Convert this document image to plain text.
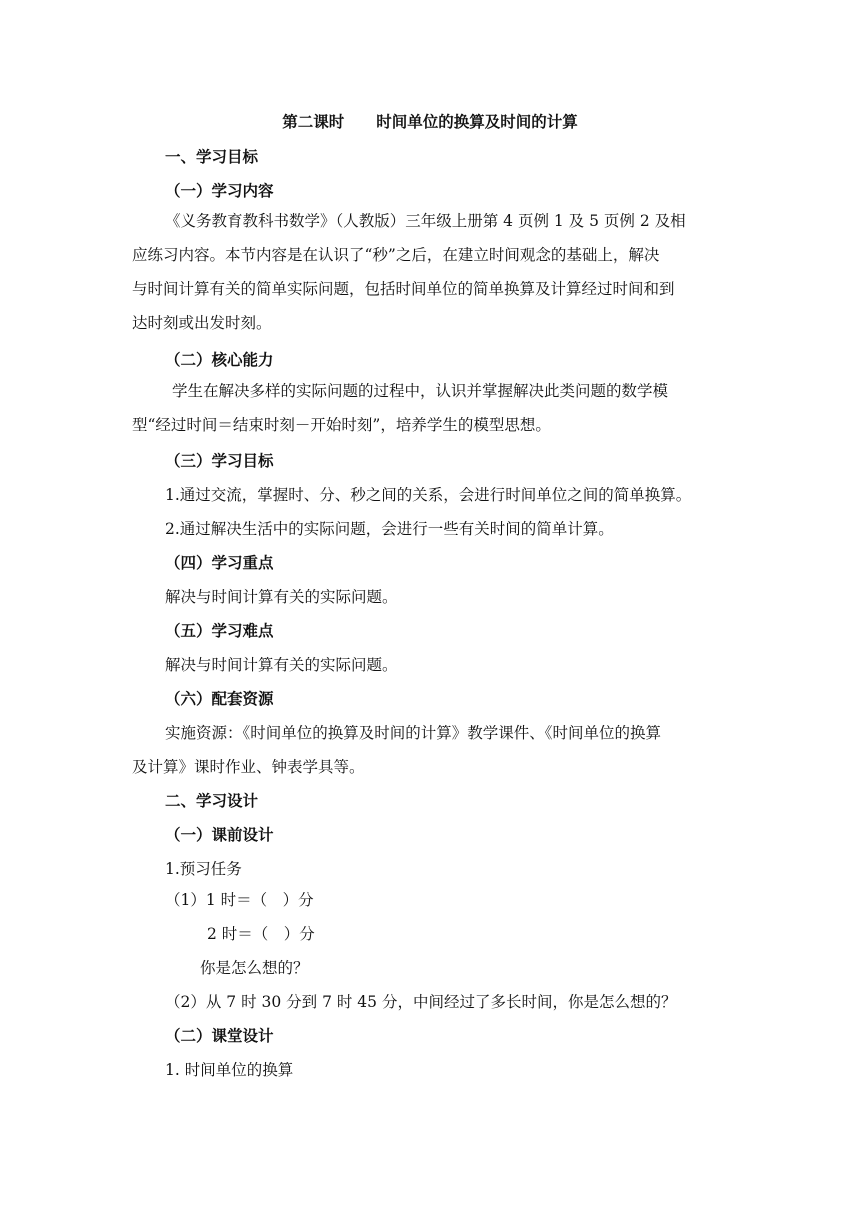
第二课时 时间单位的换算及时间的计算
一、学习目标
（一）学习内容

《义务教育教科书数学》（人教版）三年级上册第 4 页例 1 及 5 页例 2 及相

应练习内容。本节内容是在认识了“秒”之后，在建立时间观念的基础上，解决

与时间计算有关的简单实际问题，包括时间单位的简单换算及计算经过时间和到

达时刻或出发时刻。

（二）核心能力

学生在解决多样的实际问题的过程中，认识并掌握解决此类问题的数学模

型“经过时间＝结束时刻－开始时刻”，培养学生的模型思想。

（三）学习目标
1.通过交流，掌握时、分、秒之间的关系，会进行时间单位之间的简单换算。
2.通过解决生活中的实际问题，会进行一些有关时间的简单计算。
（四）学习重点
解决与时间计算有关的实际问题。
（五）学习难点
解决与时间计算有关的实际问题。
（六）配套资源
实施资源：《时间单位的换算及时间的计算》教学课件、《时间单位的换算
及计算》课时作业、钟表学具等。
二、学习设计
（一）课前设计
1.预习任务
（1）1 时＝（　）分
2 时＝（　）分
你是怎么想的？
（2）从 7 时 30 分到 7 时 45 分，中间经过了多长时间，你是怎么想的？
（二）课堂设计
1. 时间单位的换算
